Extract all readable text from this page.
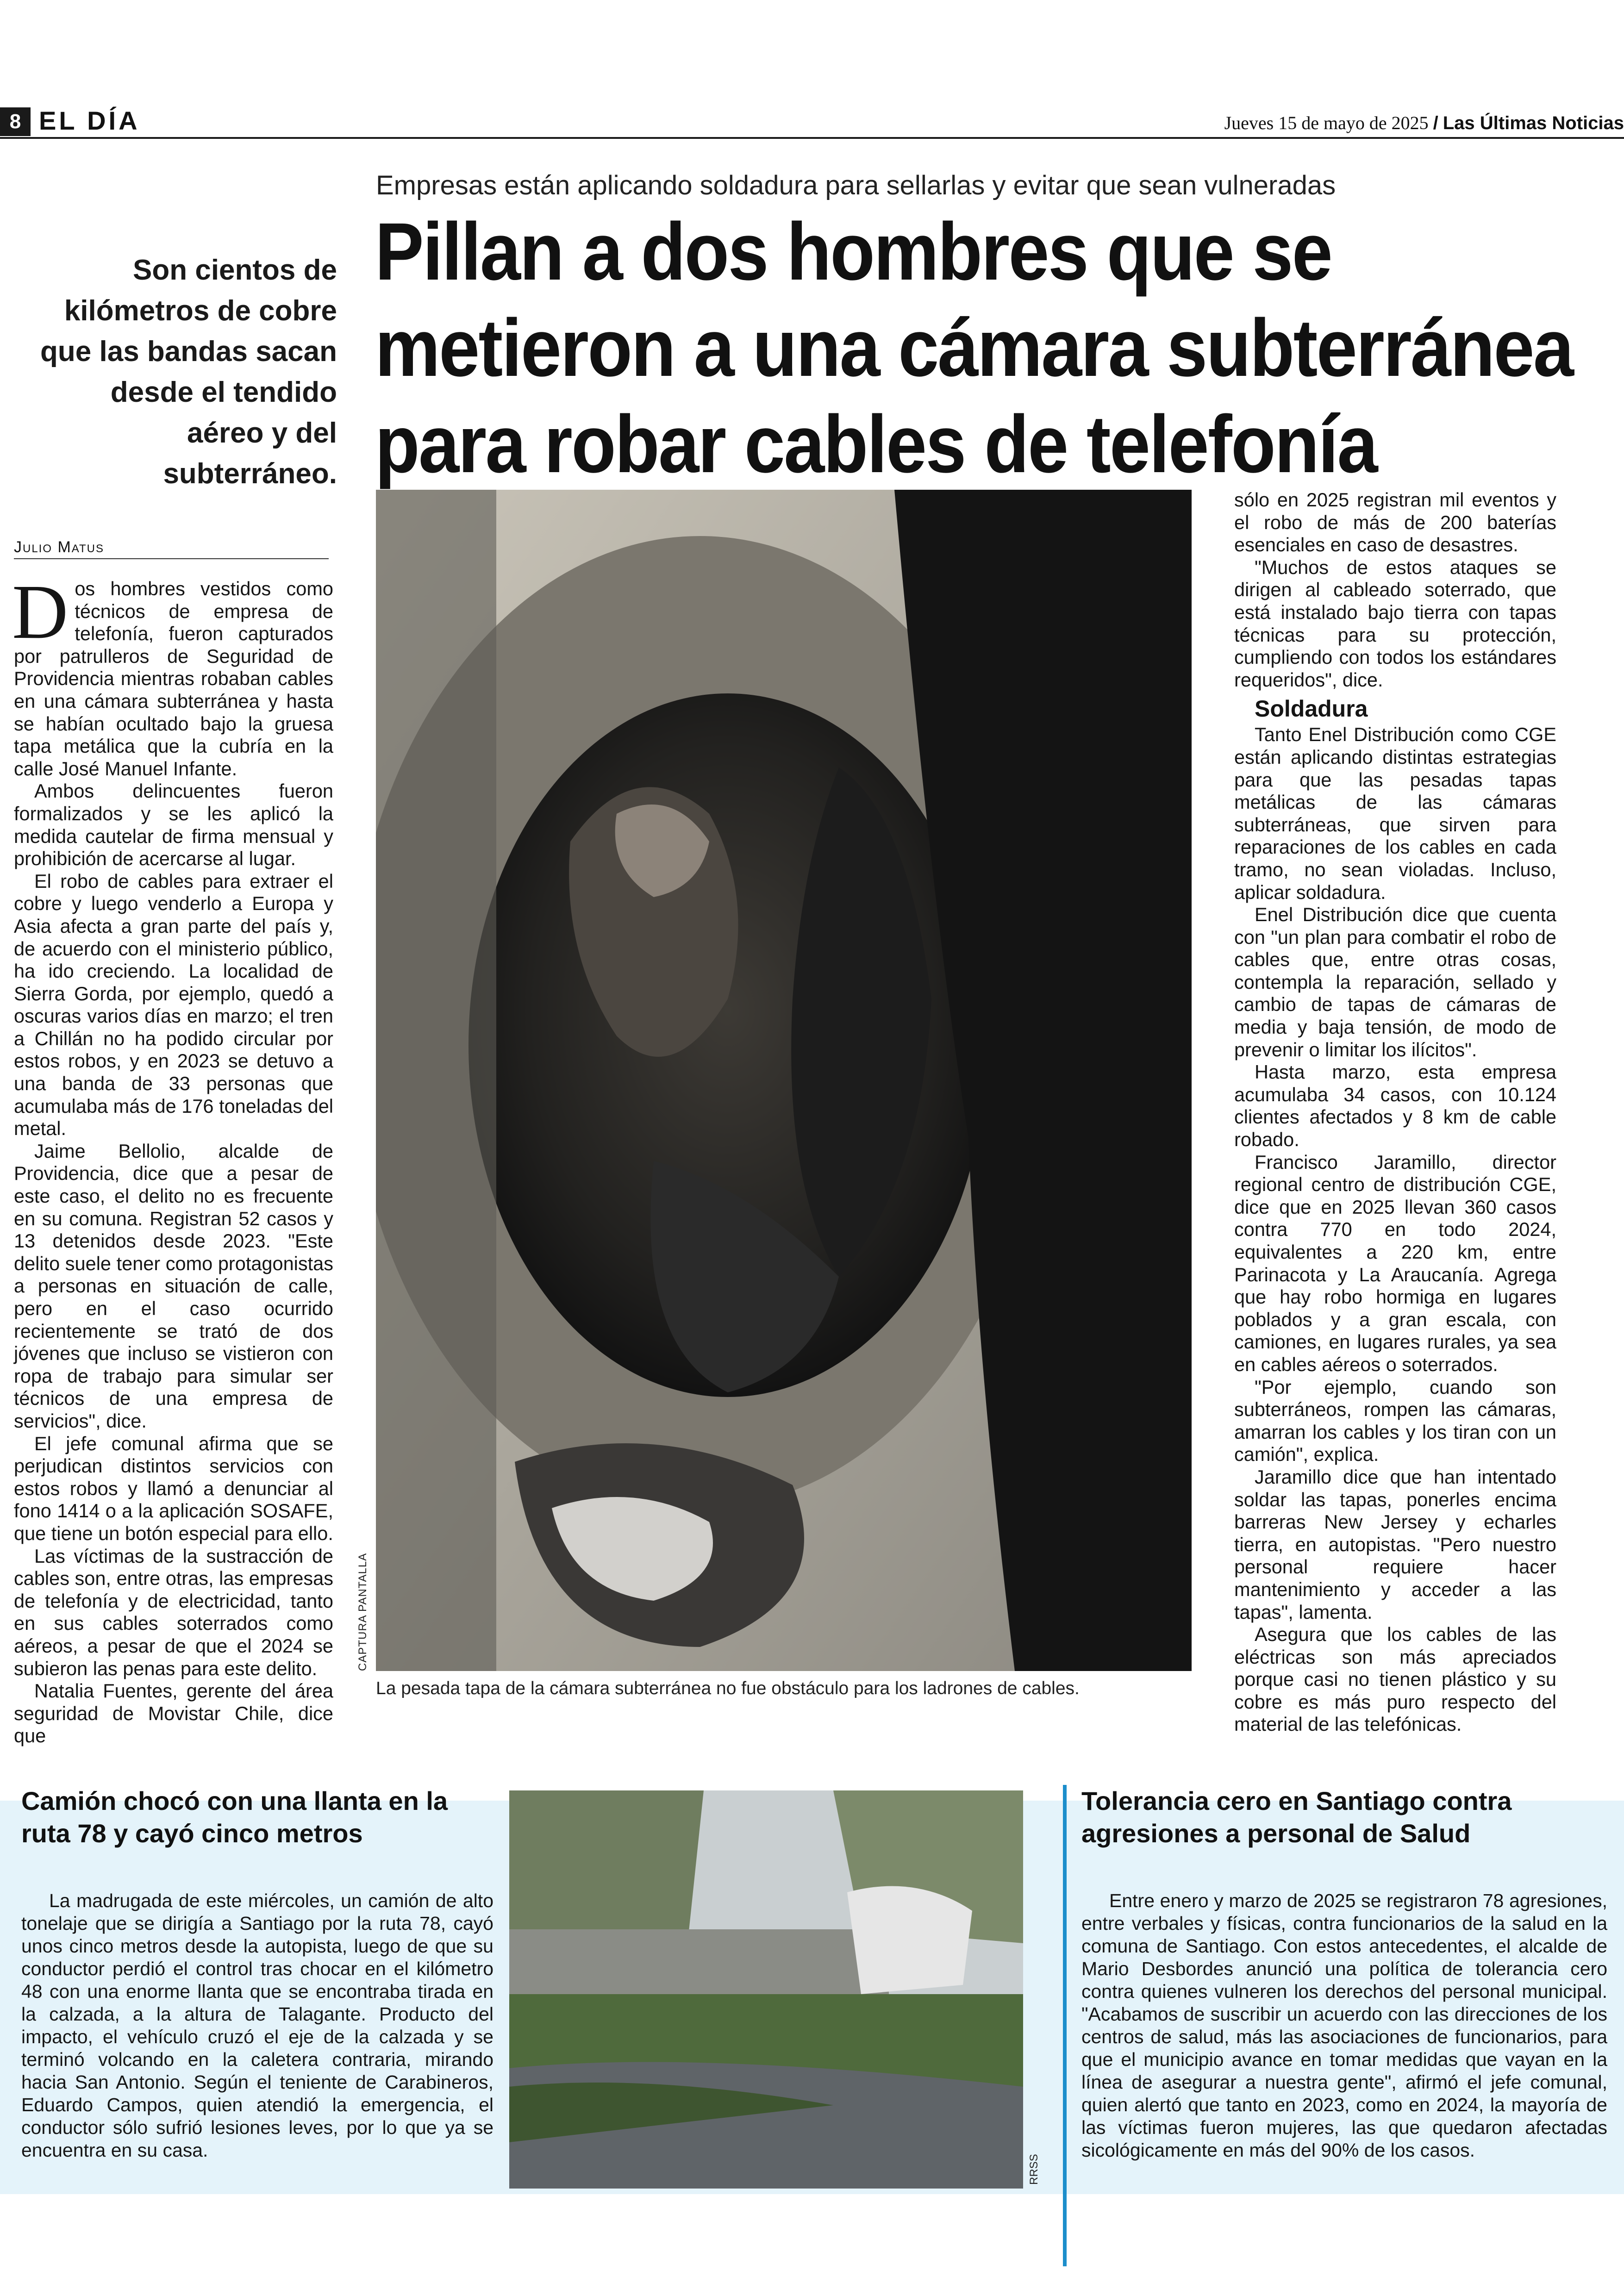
8 EL DÍA	Jueves 15 de mayo de 2025 / Las Últimas Noticias
Empresas están aplicando soldadura para sellarlas y evitar que sean vulneradas
Pillan a dos hombres que se
metieron a una cámara subterránea
para robar cables de telefonía
Son cientos de kilómetros de cobre que las bandas sacan desde el tendido aéreo y del subterráneo.
Julio Matus

Dos hombres vestidos como técnicos de empresa de telefonía, fueron capturados por patrulleros de Seguridad de Providencia mientras robaban cables en una cámara subterránea y hasta se habían ocultado bajo la gruesa tapa metálica que la cubría en la calle José Manuel Infante.

Ambos delincuentes fueron formalizados y se les aplicó la medida cautelar de firma mensual y prohibición de acercarse al lugar.

El robo de cables para extraer el cobre y luego venderlo a Europa y Asia afecta a gran parte del país y, de acuerdo con el ministerio público, ha ido creciendo. La localidad de Sierra Gorda, por ejemplo, quedó a oscuras varios días en marzo; el tren a Chillán no ha podido circular por estos robos, y en 2023 se detuvo a una banda de 33 personas que acumulaba más de 176 toneladas del metal.

Jaime Bellolio, alcalde de Providencia, dice que a pesar de este caso, el delito no es frecuente en su comuna. Registran 52 casos y 13 detenidos desde 2023. "Este delito suele tener como protagonistas a personas en situación de calle, pero en el caso ocurrido recientemente se trató de dos jóvenes que incluso se vistieron con ropa de trabajo para simular ser técnicos de una empresa de servicios", dice.

El jefe comunal afirma que se perjudican distintos servicios con estos robos y llamó a denunciar al fono 1414 o a la aplicación SOSAFE, que tiene un botón especial para ello.

Las víctimas de la sustracción de cables son, entre otras, las empresas de telefonía y de electricidad, tanto en sus cables soterrados como aéreos, a pesar de que el 2024 se subieron las penas para este delito.

Natalia Fuentes, gerente del área seguridad de Movistar Chile, dice que

CAPTURA PANTALLA
La pesada tapa de la cámara subterránea no fue obstáculo para los ladrones de cables.

sólo en 2025 registran mil eventos y el robo de más de 200 baterías esenciales en caso de desastres.

"Muchos de estos ataques se dirigen al cableado soterrado, que está instalado bajo tierra con tapas técnicas para su protección, cumpliendo con todos los estándares requeridos", dice.

Soldadura

Tanto Enel Distribución como CGE están aplicando distintas estrategias para que las pesadas tapas metálicas de las cámaras subterráneas, que sirven para reparaciones de los cables en cada tramo, no sean violadas. Incluso, aplicar soldadura.

Enel Distribución dice que cuenta con "un plan para combatir el robo de cables que, entre otras cosas, contempla la reparación, sellado y cambio de tapas de cámaras de media y baja tensión, de modo de prevenir o limitar los ilícitos".

Hasta marzo, esta empresa acumulaba 34 casos, con 10.124 clientes afectados y 8 km de cable robado.

Francisco Jaramillo, director regional centro de distribución CGE, dice que en 2025 llevan 360 casos contra 770 en todo 2024, equivalentes a 220 km, entre Parinacota y La Araucanía. Agrega que hay robo hormiga en lugares poblados y a gran escala, con camiones, en lugares rurales, ya sea en cables aéreos o soterrados.

"Por ejemplo, cuando son subterráneos, rompen las cámaras, amarran los cables y los tiran con un camión", explica.

Jaramillo dice que han intentado soldar las tapas, ponerles encima barreras New Jersey y echarles tierra, en autopistas. "Pero nuestro personal requiere hacer mantenimiento y acceder a las tapas", lamenta.

Asegura que los cables de las eléctricas son más apreciados porque casi no tienen plástico y su cobre es más puro respecto del material de las telefónicas.

Camión chocó con una llanta en la ruta 78 y cayó cinco metros

La madrugada de este miércoles, un camión de alto tonelaje que se dirigía a Santiago por la ruta 78, cayó unos cinco metros desde la autopista, luego de que su conductor perdió el control tras chocar en el kilómetro 48 con una enorme llanta que se encontraba tirada en la calzada, a la altura de Talagante. Producto del impacto, el vehículo cruzó el eje de la calzada y se terminó volcando en la caletera contraria, mirando hacia San Antonio. Según el teniente de Carabineros, Eduardo Campos, quien atendió la emergencia, el conductor sólo sufrió lesiones leves, por lo que ya se encuentra en su casa.

RRSS
Tolerancia cero en Santiago contra agresiones a personal de Salud

Entre enero y marzo de 2025 se registraron 78 agresiones, entre verbales y físicas, contra funcionarios de la salud en la comuna de Santiago. Con estos antecedentes, el alcalde de Mario Desbordes anunció una política de tolerancia cero contra quienes vulneren los derechos del personal municipal. "Acabamos de suscribir un acuerdo con las direcciones de los centros de salud, más las asociaciones de funcionarios, para que el municipio avance en tomar medidas que vayan en la línea de asegurar a nuestra gente", afirmó el jefe comunal, quien alertó que tanto en 2023, como en 2024, la mayoría de las víctimas fueron mujeres, las que quedaron afectadas sicológicamente en más del 90% de los casos.
